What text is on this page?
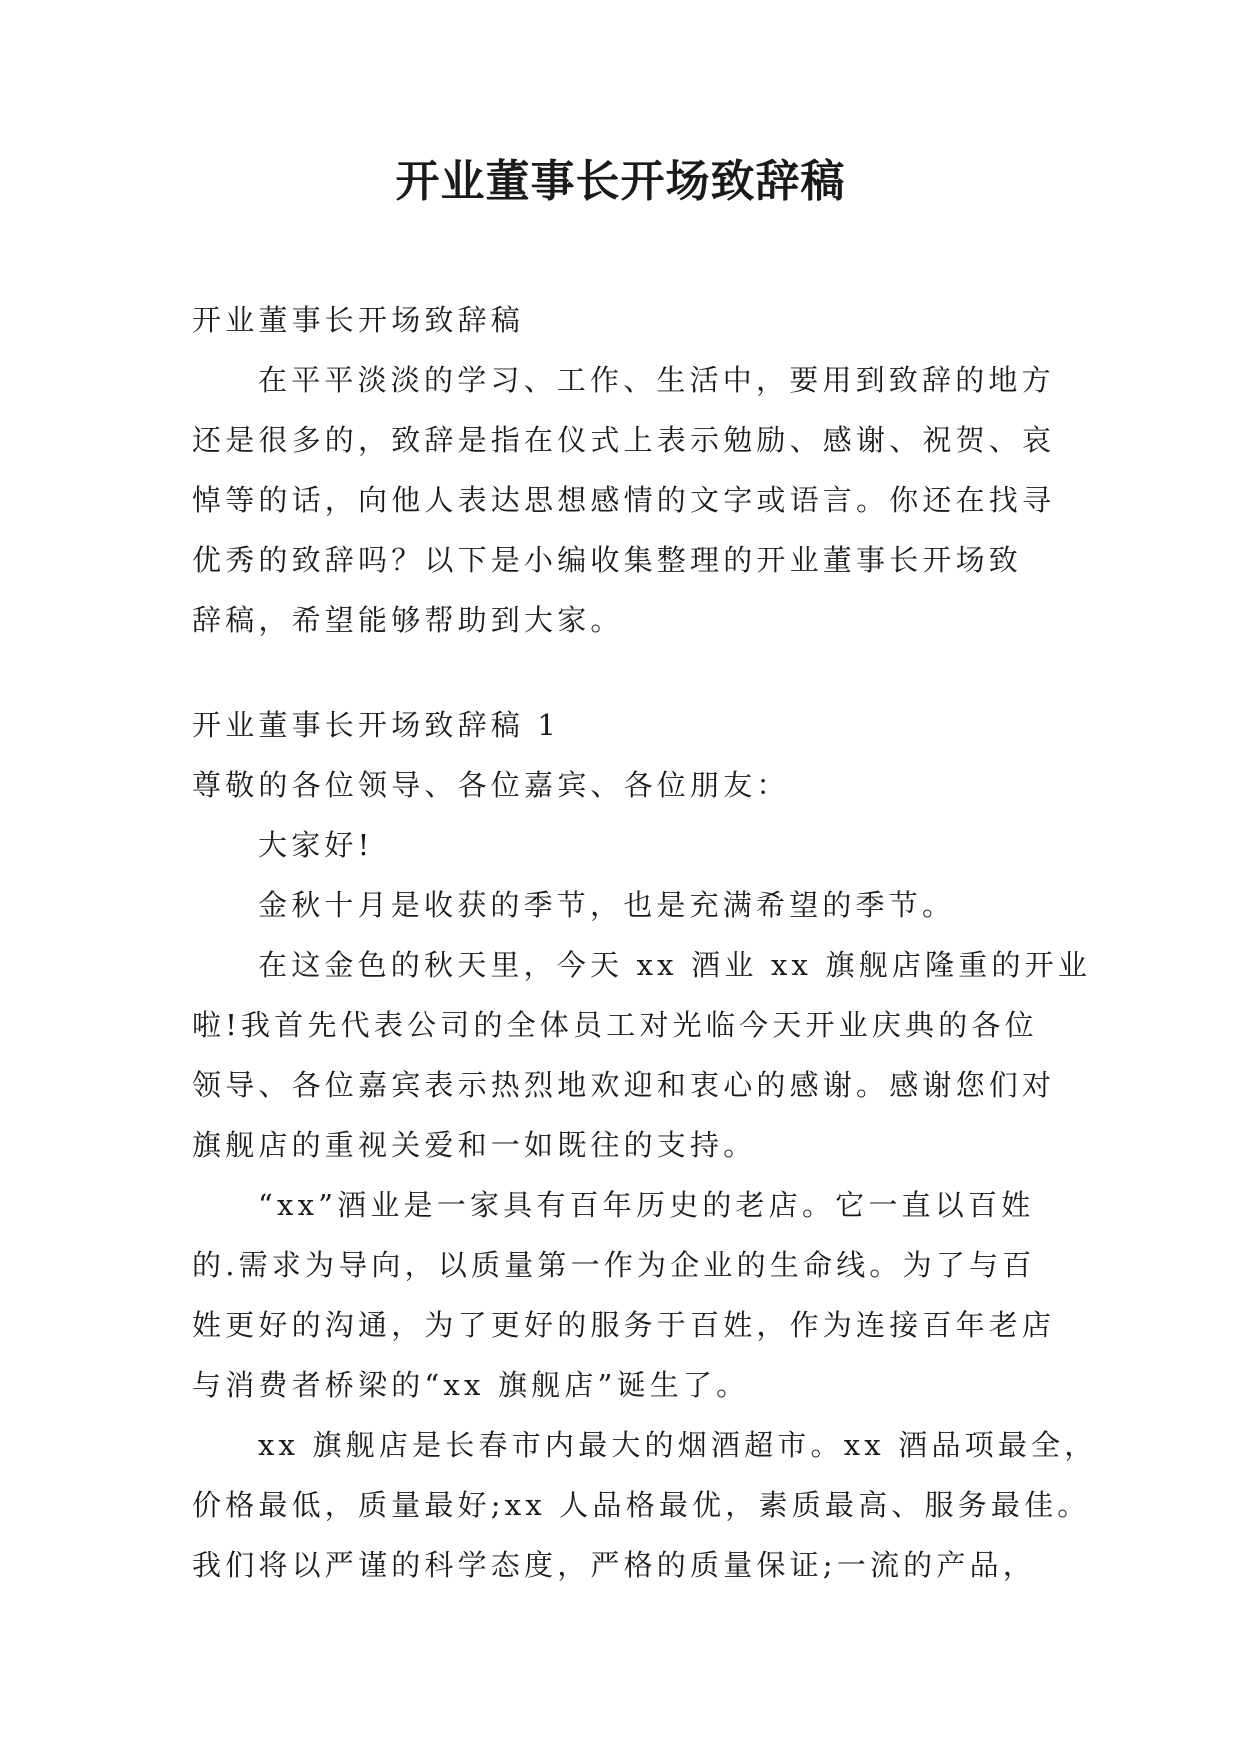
开业董事长开场致辞稿

开业董事长开场致辞稿

在平平淡淡的学习、工作、生活中，要用到致辞的地方

还是很多的，致辞是指在仪式上表示勉励、感谢、祝贺、哀

悼等的话，向他人表达思想感情的文字或语言。你还在找寻

优秀的致辞吗？以下是小编收集整理的开业董事长开场致

辞稿，希望能够帮助到大家。

开业董事长开场致辞稿 1

尊敬的各位领导、各位嘉宾、各位朋友：

大家好!

金秋十月是收获的季节，也是充满希望的季节。

在这金色的秋天里，今天 xx 酒业 xx 旗舰店隆重的开业

啦!我首先代表公司的全体员工对光临今天开业庆典的各位

领导、各位嘉宾表示热烈地欢迎和衷心的感谢。感谢您们对

旗舰店的重视关爱和一如既往的支持。

“xx”酒业是一家具有百年历史的老店。它一直以百姓

的.需求为导向，以质量第一作为企业的生命线。为了与百

姓更好的沟通，为了更好的服务于百姓，作为连接百年老店

与消费者桥梁的“xx 旗舰店”诞生了。

xx 旗舰店是长春市内最大的烟酒超市。xx 酒品项最全，

价格最低，质量最好;xx 人品格最优，素质最高、服务最佳。

我们将以严谨的科学态度，严格的质量保证;一流的产品，
